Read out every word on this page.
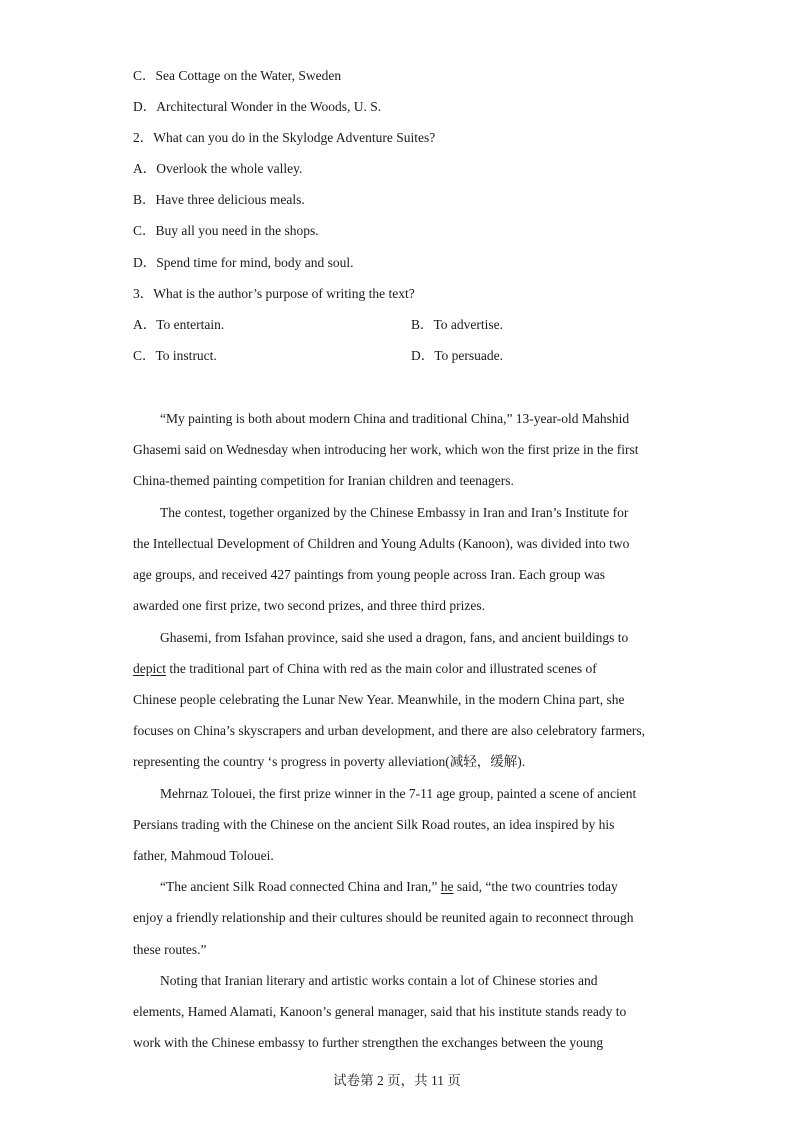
C．Sea Cottage on the Water, Sweden
D．Architectural Wonder in the Woods, U. S.
2．What can you do in the Skylodge Adventure Suites?
A．Overlook the whole valley.
B．Have three delicious meals.
C．Buy all you need in the shops.
D．Spend time for mind, body and soul.
3．What is the author’s purpose of writing the text?
A．To entertain.	B．To advertise.
C．To instruct.	D．To persuade.
“My painting is both about modern China and traditional China,” 13-year-old Mahshid
Ghasemi said on Wednesday when introducing her work, which won the first prize in the first
China-themed painting competition for Iranian children and teenagers.
The contest, together organized by the Chinese Embassy in Iran and Iran’s Institute for
the Intellectual Development of Children and Young Adults (Kanoon), was divided into two
age groups, and received 427 paintings from young people across Iran. Each group was
awarded one first prize, two second prizes, and three third prizes.
Ghasemi, from Isfahan province, said she used a dragon, fans, and ancient buildings to
depict the traditional part of China with red as the main color and illustrated scenes of
Chinese people celebrating the Lunar New Year. Meanwhile, in the modern China part, she
focuses on China’s skyscrapers and urban development, and there are also celebratory farmers,
representing the country ‘s progress in poverty alleviation(减轻，缓解).
Mehrnaz Tolouei, the first prize winner in the 7-11 age group, painted a scene of ancient
Persians trading with the Chinese on the ancient Silk Road routes, an idea inspired by his
father, Mahmoud Tolouei.
“The ancient Silk Road connected China and Iran,” he said, “the two countries today
enjoy a friendly relationship and their cultures should be reunited again to reconnect through
these routes.”
Noting that Iranian literary and artistic works contain a lot of Chinese stories and
elements, Hamed Alamati, Kanoon’s general manager, said that his institute stands ready to
work with the Chinese embassy to further strengthen the exchanges between the young
试卷第 2 页，共 11 页
